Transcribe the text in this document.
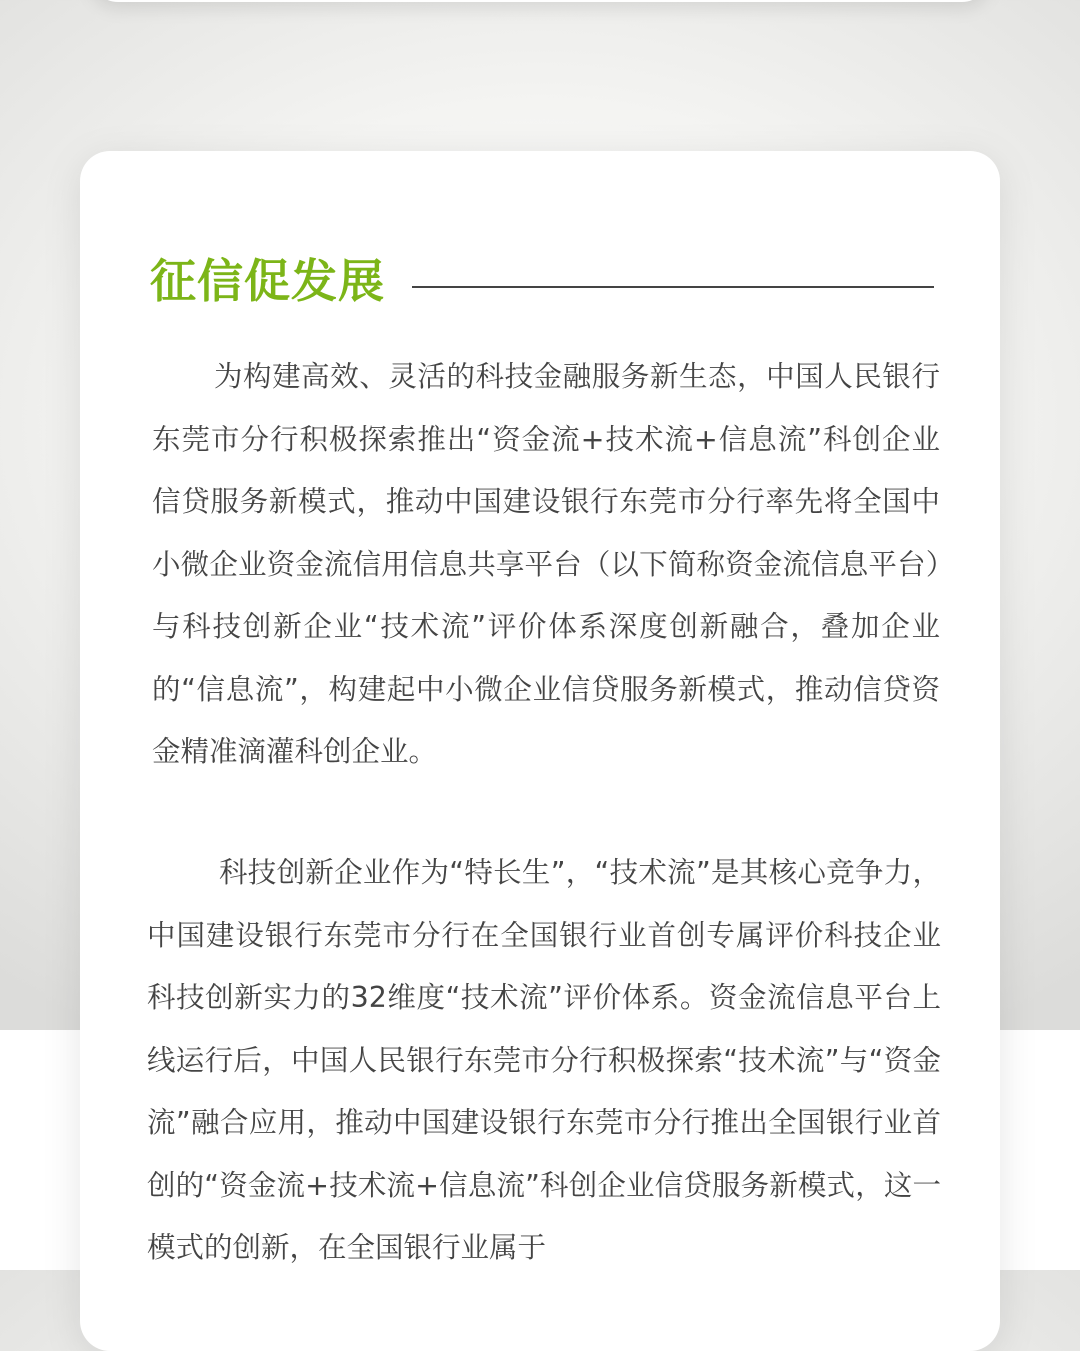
征信促发展

为构建高效、灵活的科技金融服务新生态，中国人民银行东莞市分行积极探索推出“资金流+技术流+信息流”科创企业信贷服务新模式，推动中国建设银行东莞市分行率先将全国中小微企业资金流信用信息共享平台（以下简称资金流信息平台）与科技创新企业“技术流”评价体系深度创新融合，叠加企业的“信息流”，构建起中小微企业信贷服务新模式，推动信贷资金精准滴灌科创企业。

科技创新企业作为“特长生”，“技术流”是其核心竞争力，中国建设银行东莞市分行在全国银行业首创专属评价科技企业科技创新实力的32维度“技术流”评价体系。资金流信息平台上线运行后，中国人民银行东莞市分行积极探索“技术流”与“资金流”融合应用，推动中国建设银行东莞市分行推出全国银行业首创的“资金流+技术流+信息流”科创企业信贷服务新模式，这一模式的创新，在全国银行业属于
